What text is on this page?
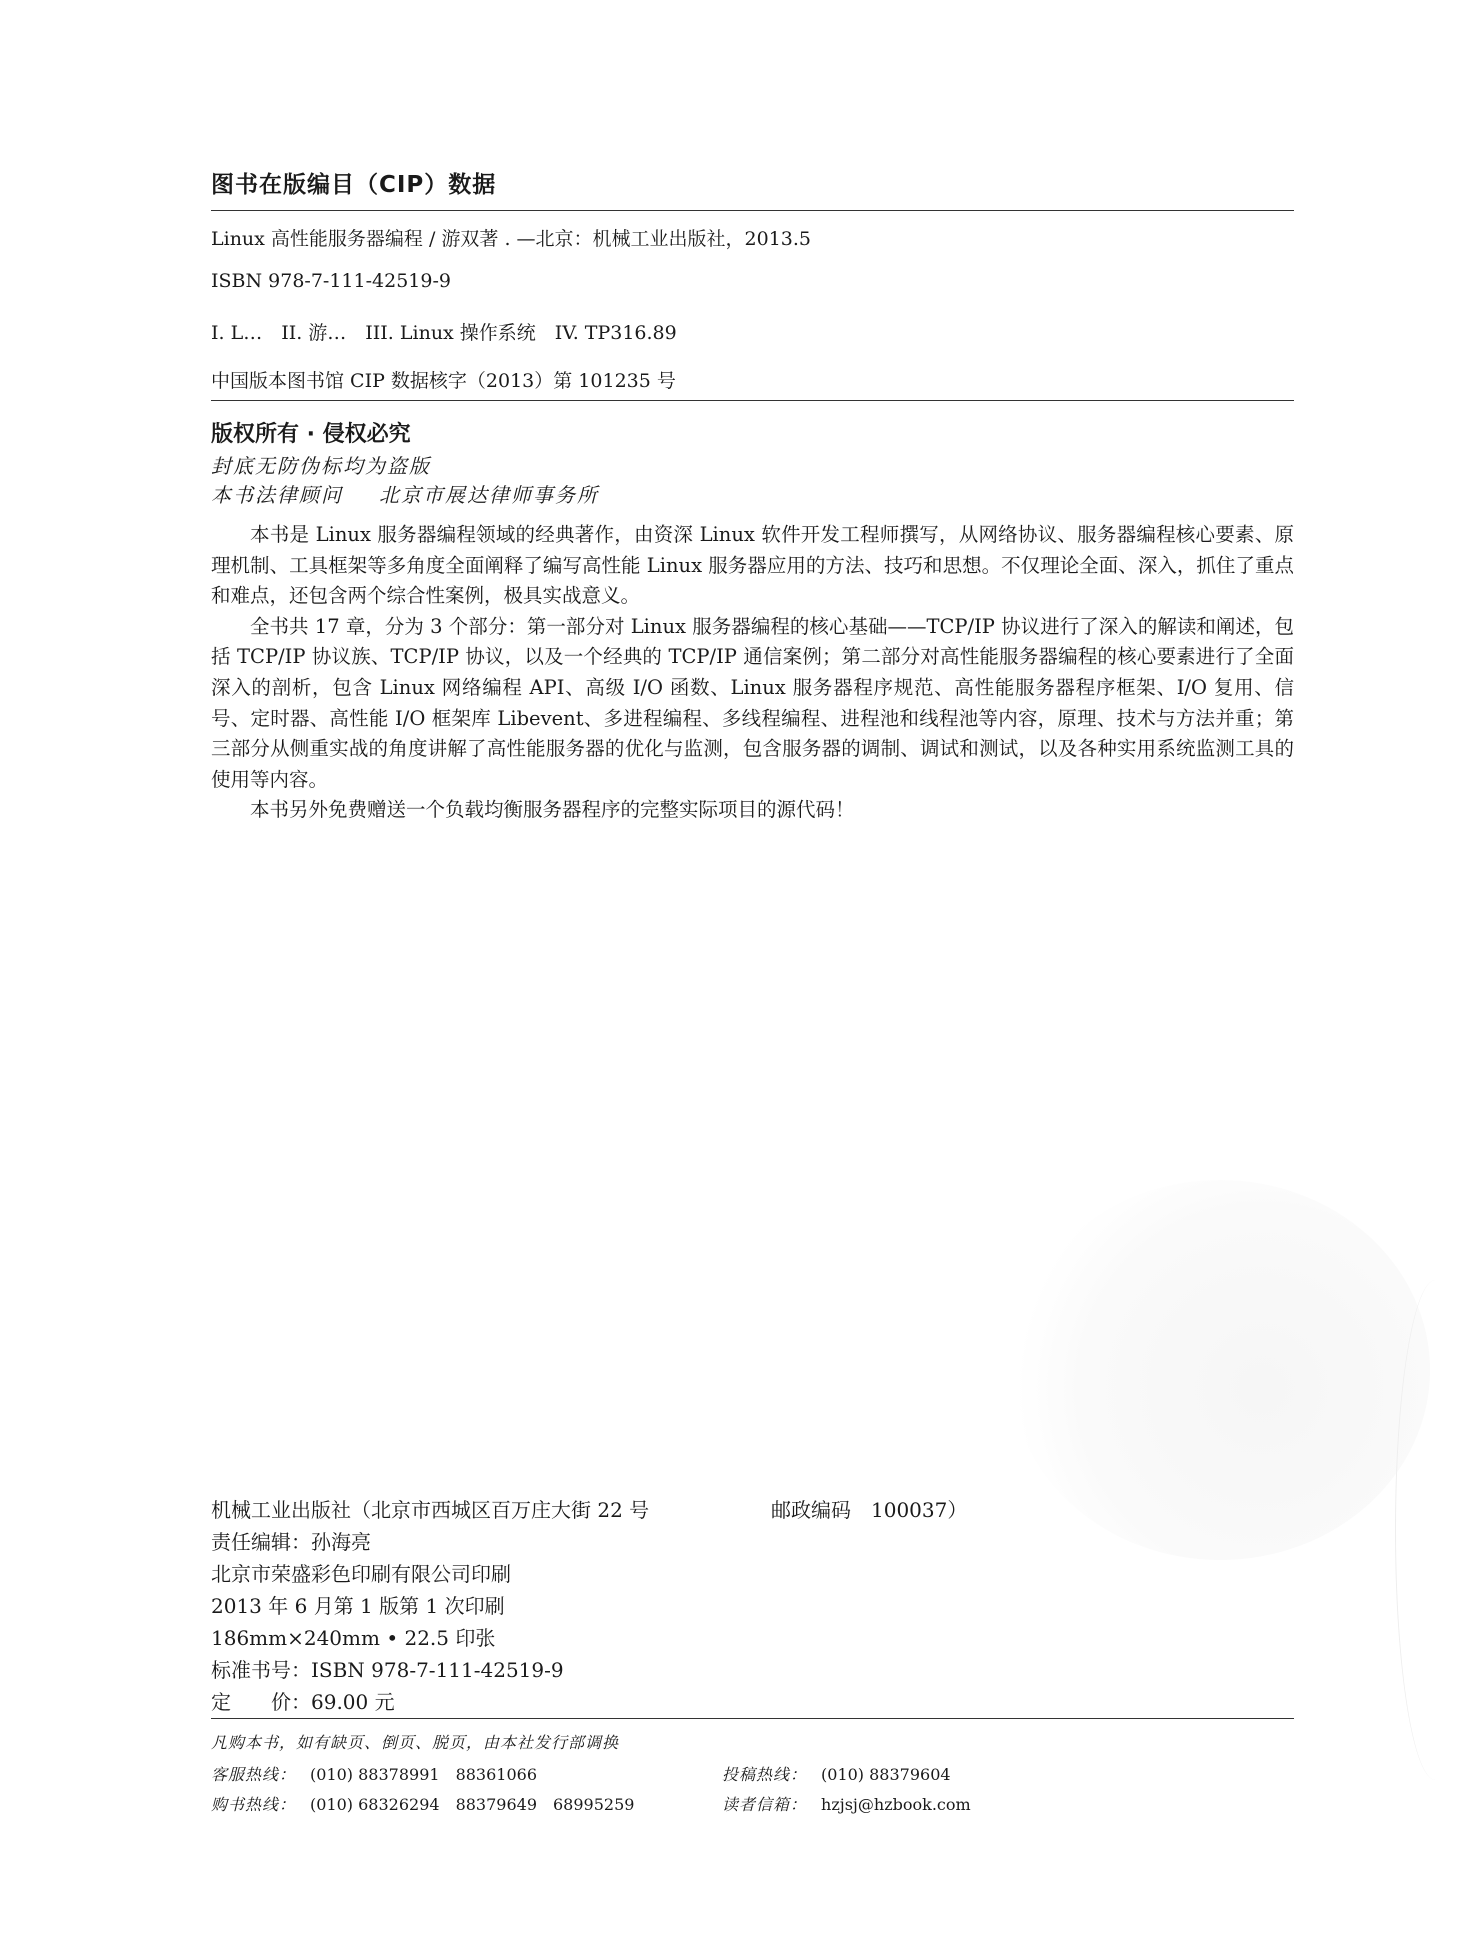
图书在版编目（CIP）数据
Linux 高性能服务器编程 / 游双著 . —北京：机械工业出版社，2013.5
ISBN 978-7-111-42519-9
I. L…　II. 游…　III. Linux 操作系统　IV. TP316.89
中国版本图书馆 CIP 数据核字（2013）第 101235 号
版权所有 · 侵权必究
封底无防伪标均为盗版
本书法律顾问 北京市展达律师事务所

本书是 Linux 服务器编程领域的经典著作，由资深 Linux 软件开发工程师撰写，从网络协议、服务器编程核心要素、原理机制、工具框架等多角度全面阐释了编写高性能 Linux 服务器应用的方法、技巧和思想。不仅理论全面、深入，抓住了重点和难点，还包含两个综合性案例，极具实战意义。

全书共 17 章，分为 3 个部分：第一部分对 Linux 服务器编程的核心基础——TCP/IP 协议进行了深入的解读和阐述，包括 TCP/IP 协议族、TCP/IP 协议，以及一个经典的 TCP/IP 通信案例；第二部分对高性能服务器编程的核心要素进行了全面深入的剖析，包含 Linux 网络编程 API、高级 I/O 函数、Linux 服务器程序规范、高性能服务器程序框架、I/O 复用、信号、定时器、高性能 I/O 框架库 Libevent、多进程编程、多线程编程、进程池和线程池等内容，原理、技术与方法并重；第三部分从侧重实战的角度讲解了高性能服务器的优化与监测，包含服务器的调制、调试和测试，以及各种实用系统监测工具的使用等内容。

本书另外免费赠送一个负载均衡服务器程序的完整实际项目的源代码！

机械工业出版社（北京市西城区百万庄大街 22 号	邮政编码　100037）
责任编辑：孙海亮
北京市荣盛彩色印刷有限公司印刷
2013 年 6 月第 1 版第 1 次印刷
186mm×240mm • 22.5 印张
标准书号：ISBN 978-7-111-42519-9
定　　价：69.00 元
凡购本书，如有缺页、倒页、脱页，由本社发行部调换
客服热线： (010) 88378991　88361066
购书热线： (010) 68326294　88379649　68995259
投稿热线： (010) 88379604
读者信箱： hzjsj@hzbook.com
